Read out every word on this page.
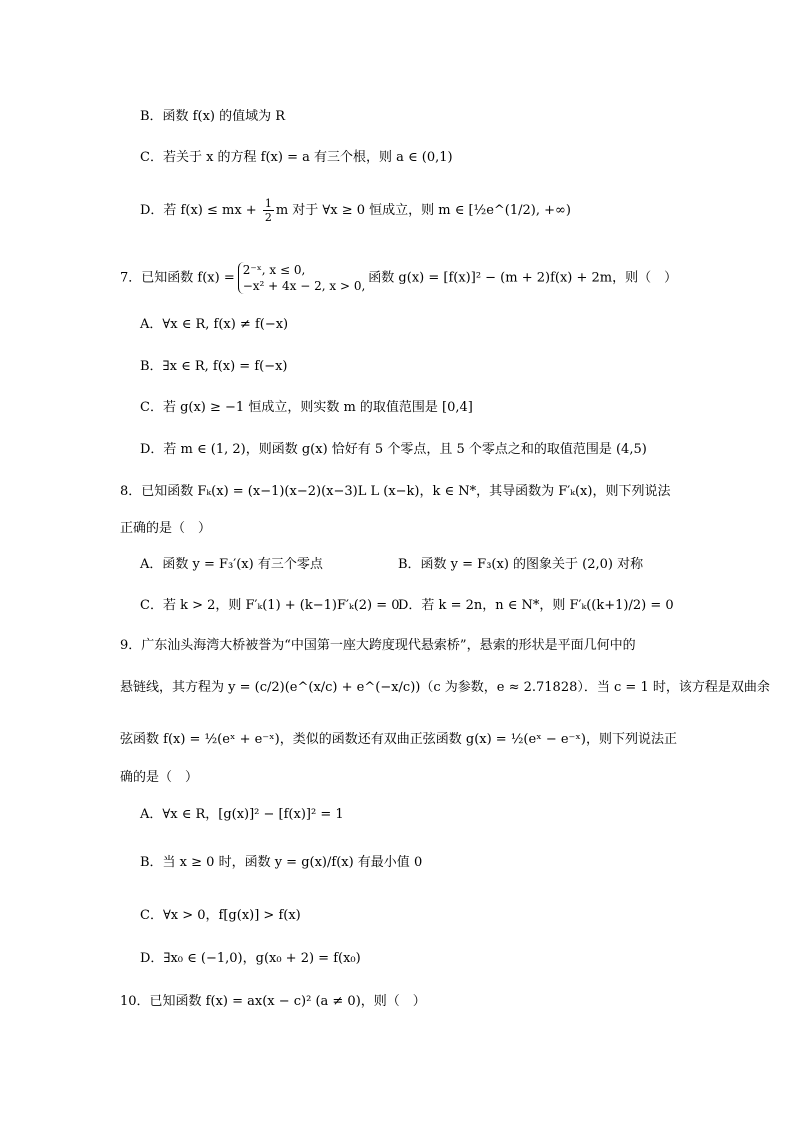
B．函数 f(x) 的值域为 R
C．若关于 x 的方程 f(x) = a 有三个根，则 a ∈ (0,1)
D．若 f(x) ≤ mx + $\frac{1}{2}$ m 对于 ∀x ≥ 0 恒成立，则 m ∈ [½e^(1/2), +∞)
7．已知函数 f(x) =
2⁻ˣ, x ≤ 0,
−x² + 4x − 2, x > 0,
函数 g(x) = [f(x)]² − (m + 2)f(x) + 2m，则（　）
A．∀x ∈ R, f(x) ≠ f(−x)
B．∃x ∈ R, f(x) = f(−x)
C．若 g(x) ≥ −1 恒成立，则实数 m 的取值范围是 [0,4]
D．若 m ∈ (1, 2)，则函数 g(x) 恰好有 5 个零点，且 5 个零点之和的取值范围是 (4,5)
8．已知函数 Fₖ(x) = (x−1)(x−2)(x−3)L L (x−k)，k ∈ N*，其导函数为 F′ₖ(x)，则下列说法
正确的是（　）
A．函数 y = F₃′(x) 有三个零点	B．函数 y = F₃(x) 的图象关于 (2,0) 对称
C．若 k > 2，则 F′ₖ(1) + (k−1)F′ₖ(2) = 0
D．若 k = 2n，n ∈ N*，则 F′ₖ((k+1)/2) = 0
9．广东汕头海湾大桥被誉为“中国第一座大跨度现代悬索桥”，悬索的形状是平面几何中的
悬链线，其方程为 y = (c/2)(e^(x/c) + e^(−x/c))（c 为参数，e ≈ 2.71828）．当 c = 1 时，该方程是双曲余
弦函数 f(x) = ½(eˣ + e⁻ˣ)，类似的函数还有双曲正弦函数 g(x) = ½(eˣ − e⁻ˣ)，则下列说法正
确的是（　）
A．∀x ∈ R，[g(x)]² − [f(x)]² = 1
B．当 x ≥ 0 时，函数 y = g(x)/f(x) 有最小值 0
C．∀x > 0，f[g(x)] > f(x)
D．∃x₀ ∈ (−1,0)，g(x₀ + 2) = f(x₀)
10．已知函数 f(x) = ax(x − c)² (a ≠ 0)，则（　）
